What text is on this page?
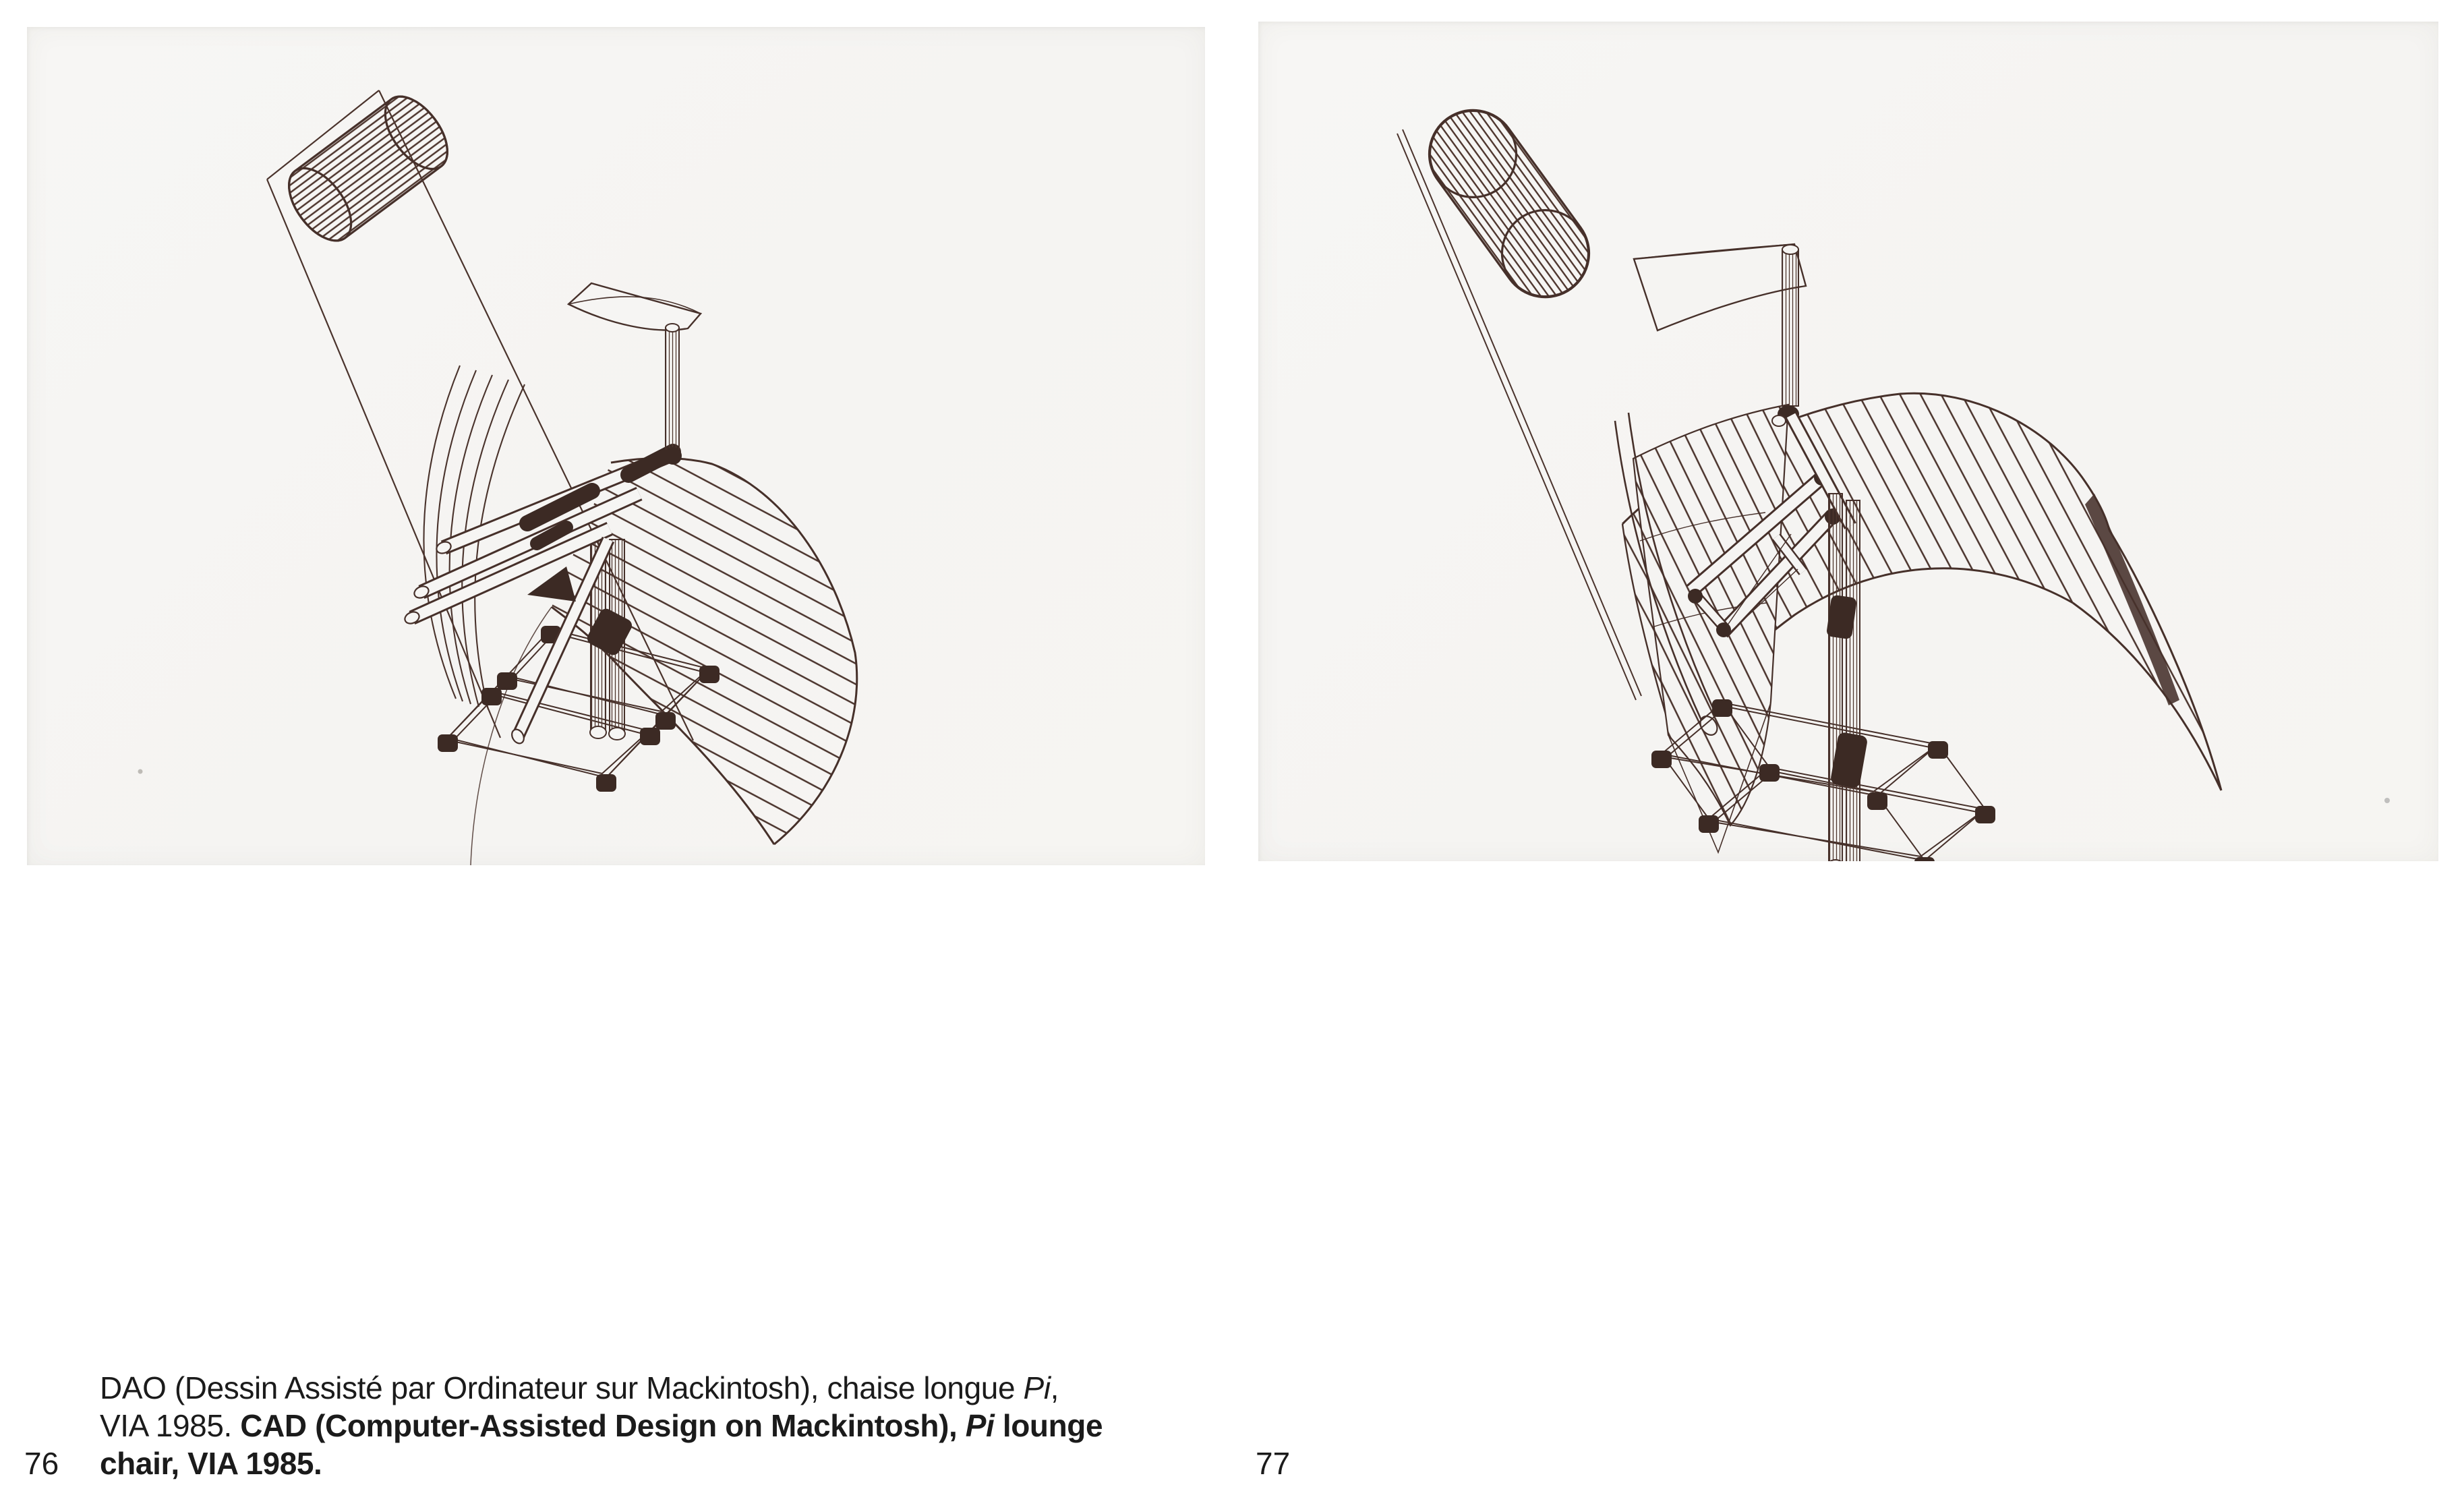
DAO (Dessin Assisté par Ordinateur sur Mackintosh), chaise longue Pi,
VIA 1985. CAD (Computer-Assisted Design on Mackintosh), Pi lounge
chair, VIA 1985.
76	77
